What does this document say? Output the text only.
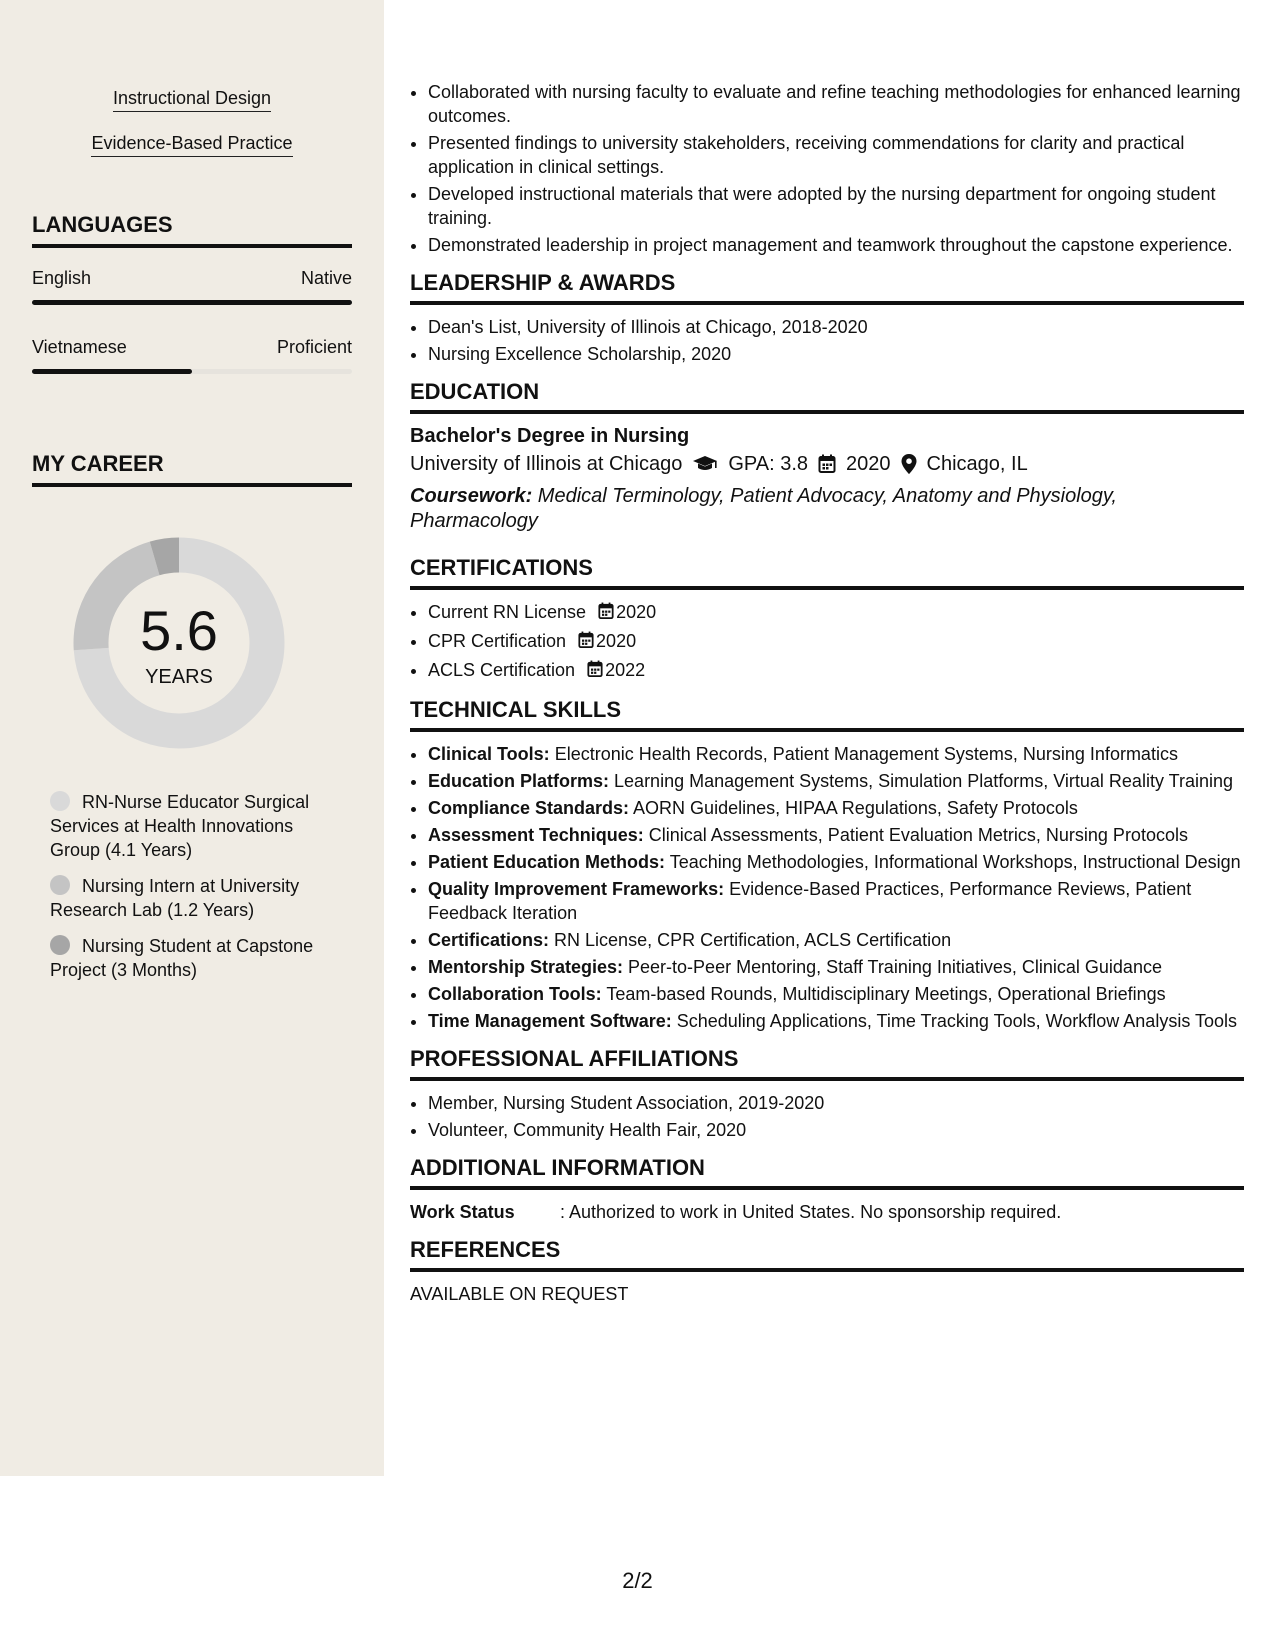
Instructional Design
Evidence-Based Practice
LANGUAGES
English	Native
Vietnamese	Proficient
MY CAREER
5.6
YEARS
RN-Nurse Educator Surgical Services at Health Innovations Group (4.1 Years)
Nursing Intern at University Research Lab (1.2 Years)
Nursing Student at Capstone Project (3 Months)
• Collaborated with nursing faculty to evaluate and refine teaching methodologies for enhanced learning outcomes.
• Presented findings to university stakeholders, receiving commendations for clarity and practical application in clinical settings.
• Developed instructional materials that were adopted by the nursing department for ongoing student training.
• Demonstrated leadership in project management and teamwork throughout the capstone experience.
LEADERSHIP & AWARDS
• Dean's List, University of Illinois at Chicago, 2018-2020
• Nursing Excellence Scholarship, 2020
EDUCATION
Bachelor's Degree in Nursing
University of Illinois at Chicago GPA: 3.8 2020 Chicago, IL
Coursework: Medical Terminology, Patient Advocacy, Anatomy and Physiology, Pharmacology
CERTIFICATIONS
• Current RN License 2020
• CPR Certification 2020
• ACLS Certification 2022
TECHNICAL SKILLS
• Clinical Tools: Electronic Health Records, Patient Management Systems, Nursing Informatics
• Education Platforms: Learning Management Systems, Simulation Platforms, Virtual Reality Training
• Compliance Standards: AORN Guidelines, HIPAA Regulations, Safety Protocols
• Assessment Techniques: Clinical Assessments, Patient Evaluation Metrics, Nursing Protocols
• Patient Education Methods: Teaching Methodologies, Informational Workshops, Instructional Design
• Quality Improvement Frameworks: Evidence-Based Practices, Performance Reviews, Patient Feedback Iteration
• Certifications: RN License, CPR Certification, ACLS Certification
• Mentorship Strategies: Peer-to-Peer Mentoring, Staff Training Initiatives, Clinical Guidance
• Collaboration Tools: Team-based Rounds, Multidisciplinary Meetings, Operational Briefings
• Time Management Software: Scheduling Applications, Time Tracking Tools, Workflow Analysis Tools
PROFESSIONAL AFFILIATIONS
• Member, Nursing Student Association, 2019-2020
• Volunteer, Community Health Fair, 2020
ADDITIONAL INFORMATION
Work Status	: Authorized to work in United States. No sponsorship required.
REFERENCES
AVAILABLE ON REQUEST
2/2
